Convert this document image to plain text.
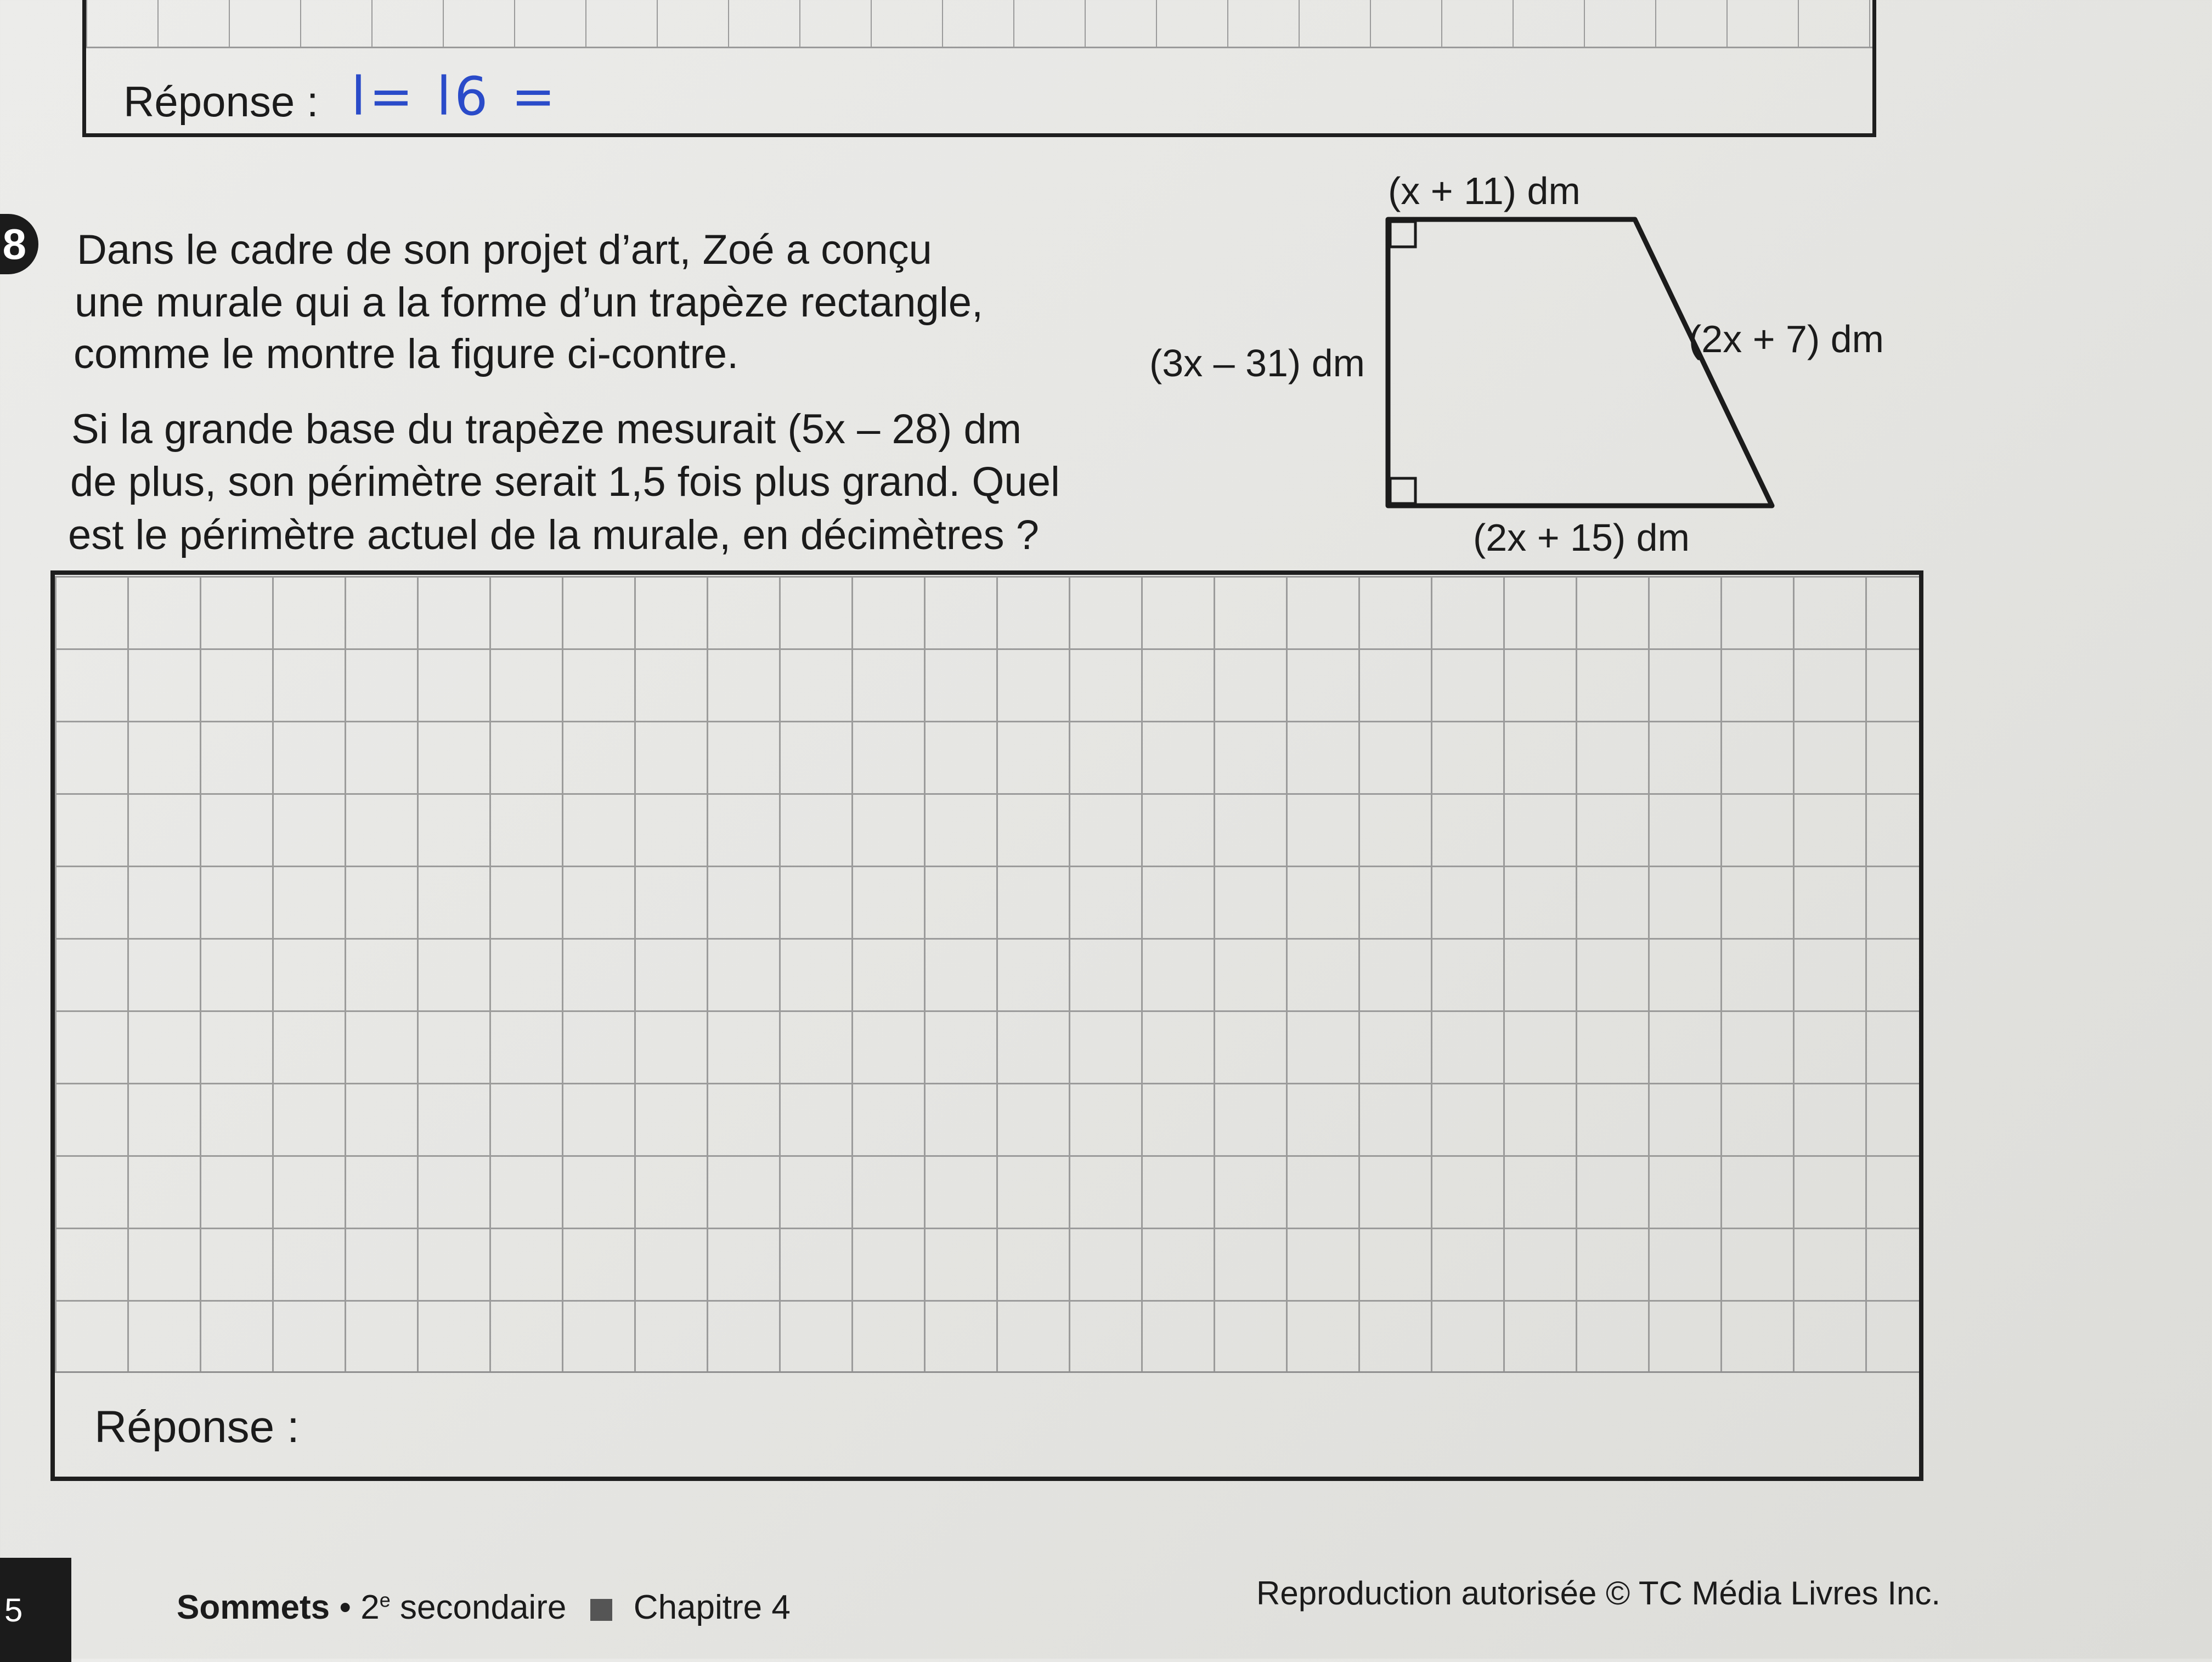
Réponse : l= l6 =
8 Dans le cadre de son projet d’art, Zoé a conçu
une murale qui a la forme d’un trapèze rectangle,
comme le montre la figure ci-contre.
Si la grande base du trapèze mesurait (5x – 28) dm
de plus, son périmètre serait 1,5 fois plus grand. Quel
est le périmètre actuel de la murale, en décimètres ?
(x + 11) dm
(3x – 31) dm
(2x + 7) dm
(2x + 15) dm
Réponse :
5	Sommets • 2e secondaire Chapitre 4	Reproduction autorisée © TC Média Livres Inc.
